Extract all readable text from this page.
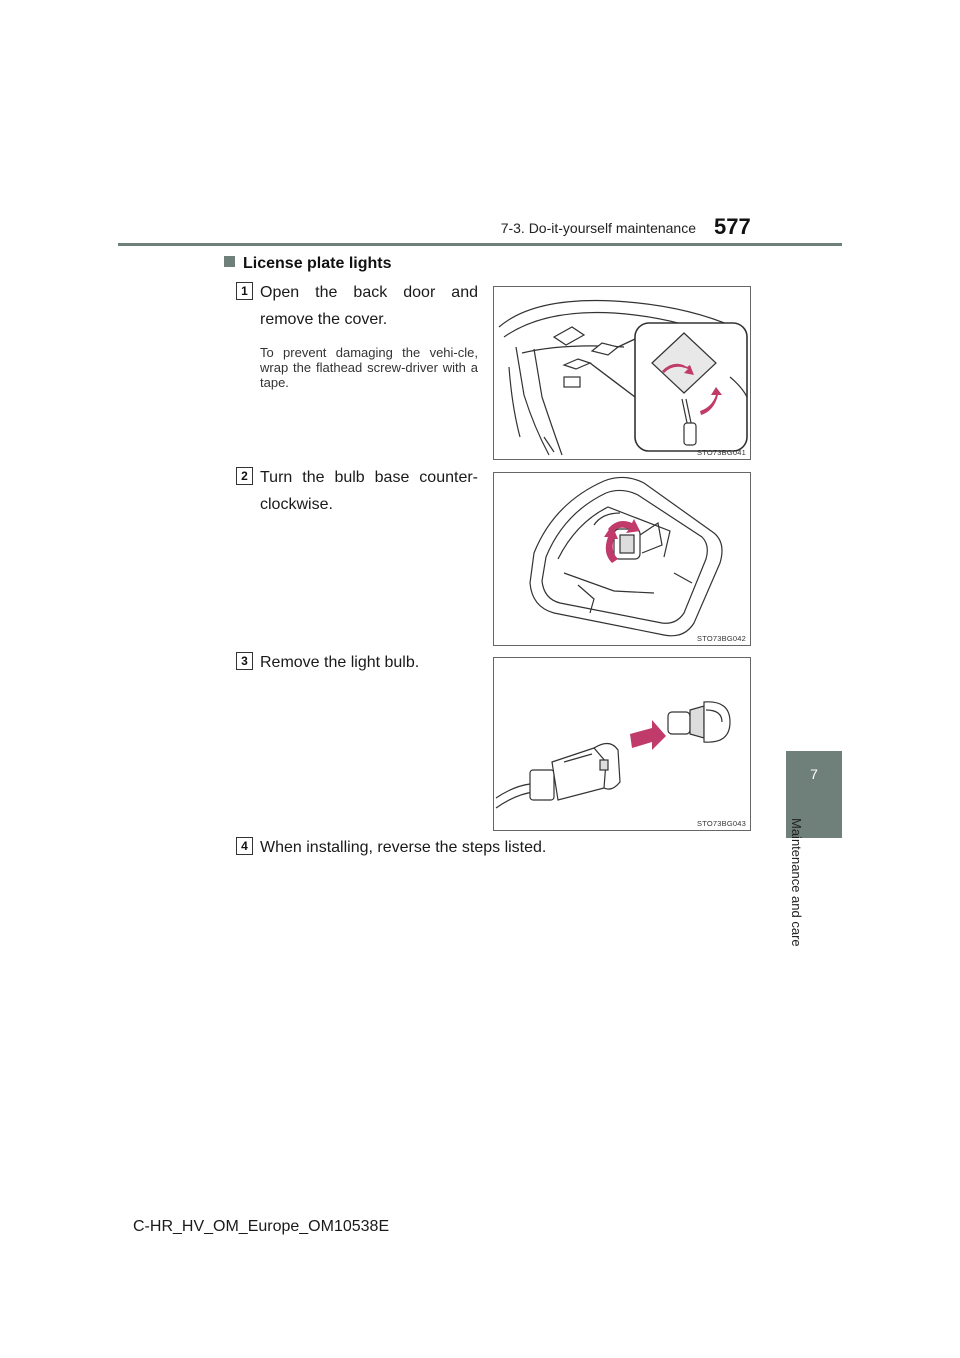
7-3. Do-it-yourself maintenance 577
7
Maintenance and care
License plate lights
1 Open the back door and remove the cover.
To prevent damaging the vehi-cle, wrap the flathead screw-driver with a tape.
STO73BG041
2 Turn the bulb base counter-clockwise.
STO73BG042
3 Remove the light bulb.
STO73BG043
4 When installing, reverse the steps listed.
C-HR_HV_OM_Europe_OM10538E
